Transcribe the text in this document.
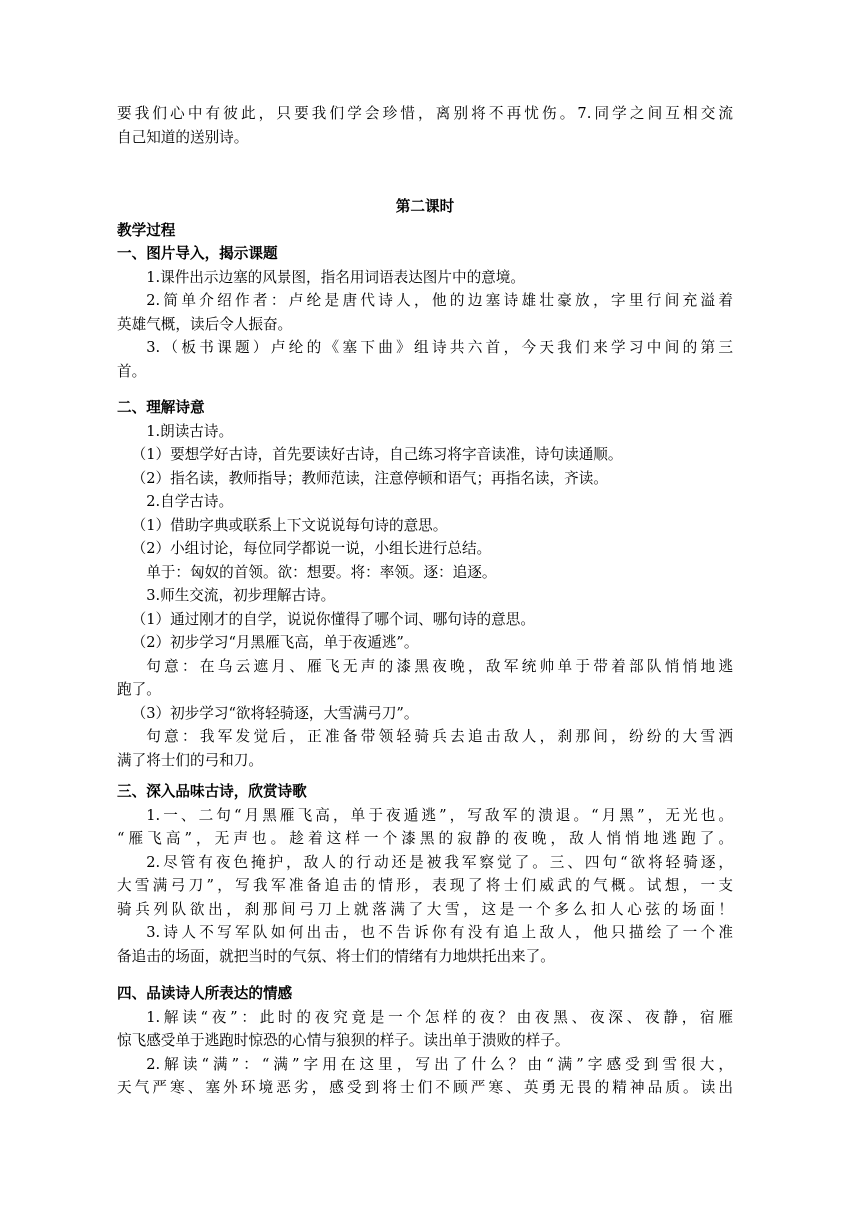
要我们心中有彼此，只要我们学会珍惜，离别将不再忧伤。7.同学之间互相交流
自己知道的送别诗。
第二课时
教学过程
一、图片导入，揭示课题
1.课件出示边塞的风景图，指名用词语表达图片中的意境。
2.简单介绍作者：卢纶是唐代诗人，他的边塞诗雄壮豪放，字里行间充溢着
英雄气概，读后令人振奋。
3.（板书课题）卢纶的《塞下曲》组诗共六首，今天我们来学习中间的第三
首。
二、理解诗意
1.朗读古诗。
（1）要想学好古诗，首先要读好古诗，自己练习将字音读准，诗句读通顺。
（2）指名读，教师指导；教师范读，注意停顿和语气；再指名读，齐读。
2.自学古诗。
（1）借助字典或联系上下文说说每句诗的意思。
（2）小组讨论，每位同学都说一说，小组长进行总结。
单于：匈奴的首领。欲：想要。将：率领。逐：追逐。
3.师生交流，初步理解古诗。
（1）通过刚才的自学，说说你懂得了哪个词、哪句诗的意思。
（2）初步学习“月黑雁飞高，单于夜遁逃”。
句意：在乌云遮月、雁飞无声的漆黑夜晚，敌军统帅单于带着部队悄悄地逃
跑了。
（3）初步学习“欲将轻骑逐，大雪满弓刀”。
句意：我军发觉后，正准备带领轻骑兵去追击敌人，刹那间，纷纷的大雪洒
满了将士们的弓和刀。
三、深入品味古诗，欣赏诗歌
1.一、二句“月黑雁飞高，单于夜遁逃”，写敌军的溃退。“月黑”，无光也。
“雁飞高”，无声也。趁着这样一个漆黑的寂静的夜晚，敌人悄悄地逃跑了。
2.尽管有夜色掩护，敌人的行动还是被我军察觉了。三、四句“欲将轻骑逐，
大雪满弓刀”，写我军准备追击的情形，表现了将士们威武的气概。试想，一支
骑兵列队欲出，刹那间弓刀上就落满了大雪，这是一个多么扣人心弦的场面！
3.诗人不写军队如何出击，也不告诉你有没有追上敌人，他只描绘了一个准
备追击的场面，就把当时的气氛、将士们的情绪有力地烘托出来了。
四、品读诗人所表达的情感
1.解读“夜”：此时的夜究竟是一个怎样的夜？由夜黑、夜深、夜静，宿雁
惊飞感受单于逃跑时惊恐的心情与狼狈的样子。读出单于溃败的样子。
2.解读“满”：“满”字用在这里，写出了什么？由“满”字感受到雪很大，
天气严寒、塞外环境恶劣，感受到将士们不顾严寒、英勇无畏的精神品质。读出
